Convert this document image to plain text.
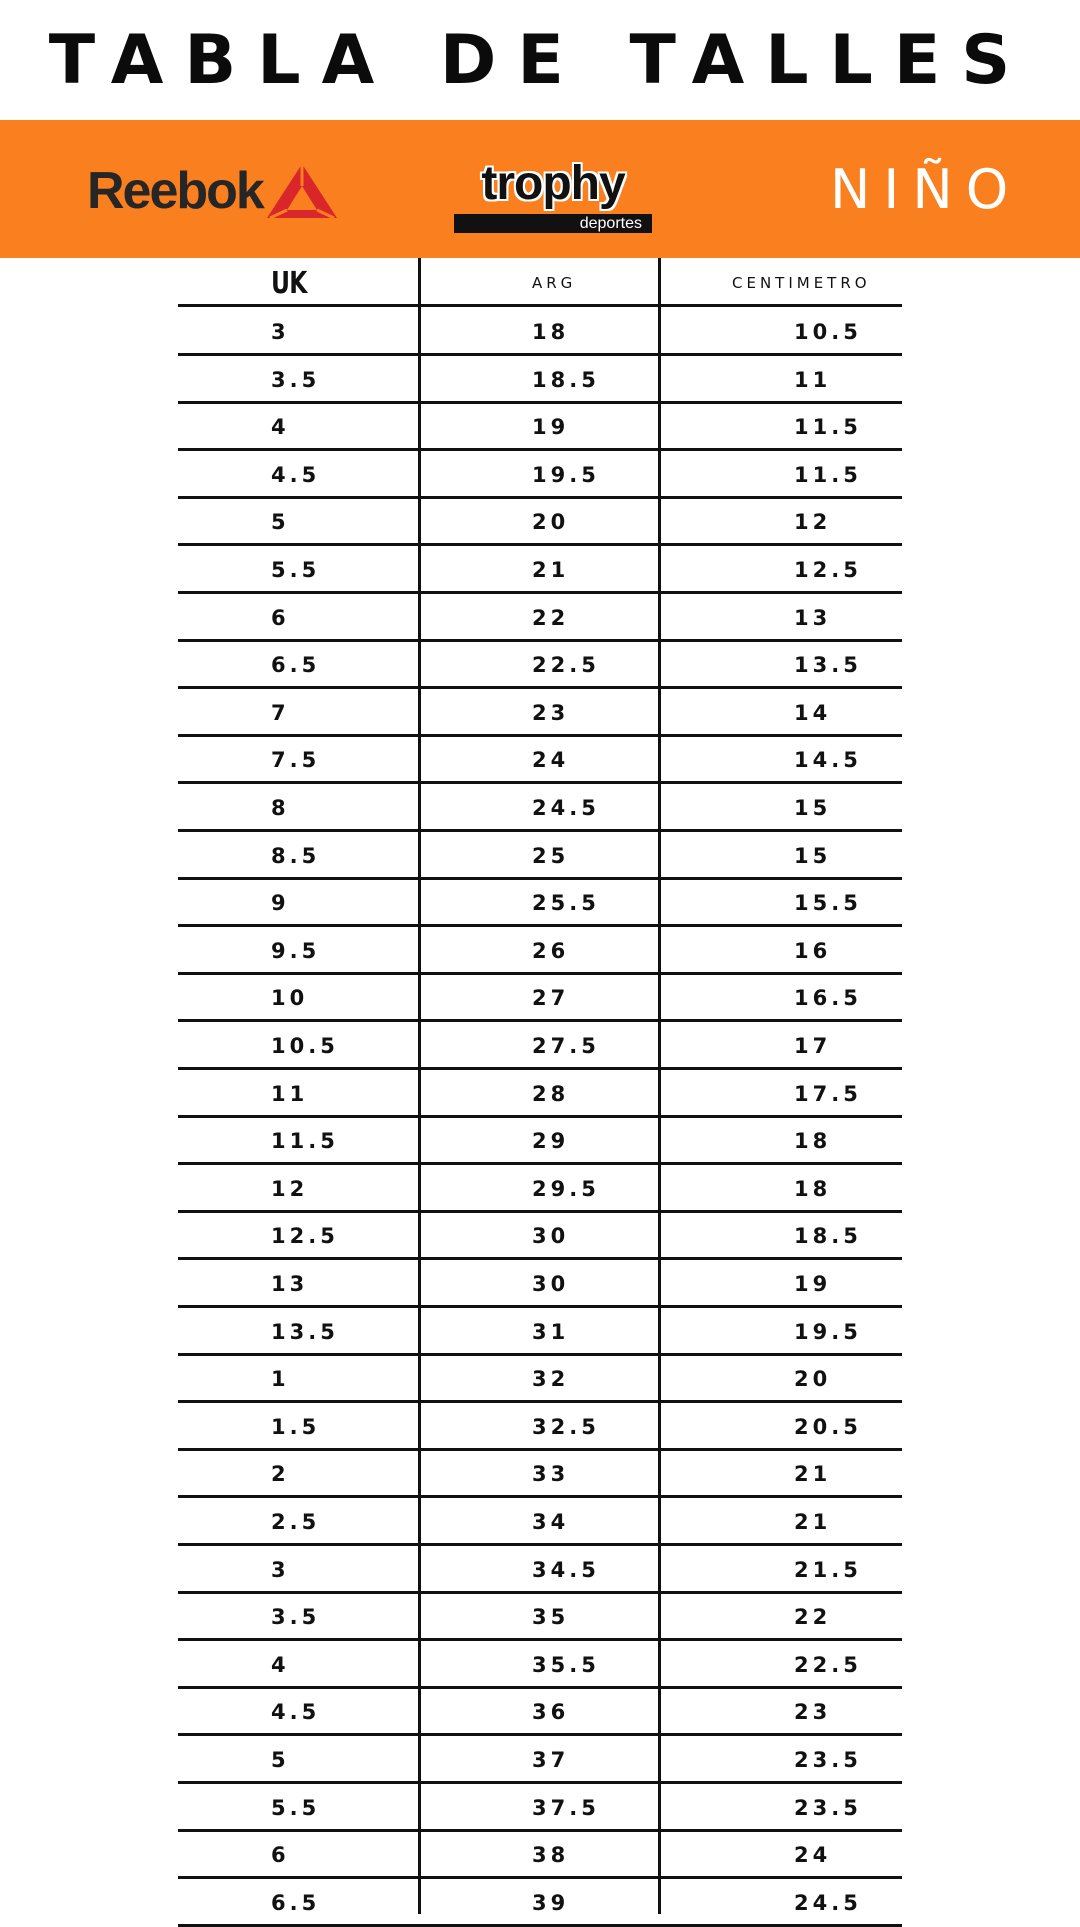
TABLA DE TALLES
Reebok	trophy
deportes
NIÑO
UK	ARG	CENTIMETRO
3	18	10.5
3.5	18.5	11
4	19	11.5
4.5	19.5	11.5
5	20	12
5.5	21	12.5
6	22	13
6.5	22.5	13.5
7	23	14
7.5	24	14.5
8	24.5	15
8.5	25	15
9	25.5	15.5
9.5	26	16
10	27	16.5
10.5	27.5	17
11	28	17.5
11.5	29	18
12	29.5	18
12.5	30	18.5
13	30	19
13.5	31	19.5
1	32	20
1.5	32.5	20.5
2	33	21
2.5	34	21
3	34.5	21.5
3.5	35	22
4	35.5	22.5
4.5	36	23
5	37	23.5
5.5	37.5	23.5
6	38	24
6.5	39	24.5
